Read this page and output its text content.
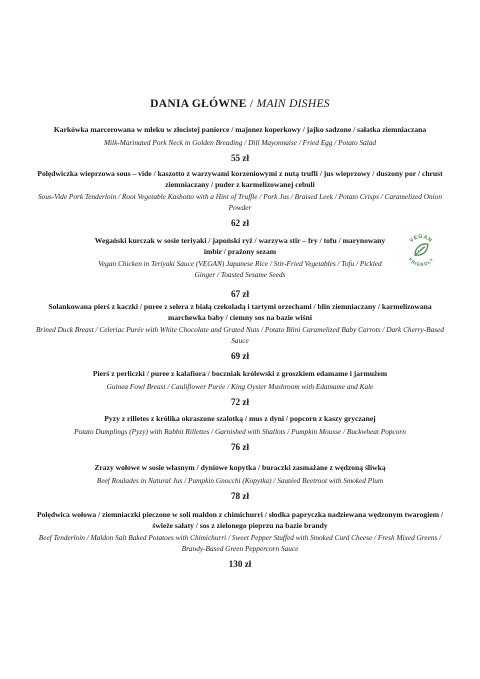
DANIA GŁÓWNE / MAIN DISHES
Karkówka marcerowana w mleku w złocistej panierce / majonez koperkowy / jajko sadzone / sałatka ziemniaczana
Milk-Marinated Pork Neck in Golden Breading / Dill Mayonnaise / Fried Egg / Potato Salad
55 zł
Polędwiczka wieprzowa sous – vide / kaszotto z warzywami korzeniowymi z nutą trufli / jus wieprzowy / duszony por / chrust ziemniaczany / puder z karmelizowanej cebuli
Sous-Vide Pork Tenderloin / Root Vegetable Kashotto with a Hint of Truffle / Pork Jus / Braised Leek / Potato Crisps / Caramelized Onion Powder
62 zł
Wegański kurczak w sosie teriyaki / japoński ryż / warzywa stir – fry / tofu / marynowany imbir / prażony sezam
Vegan Chicken in Teriyaki Sauce (VEGAN) Japanese Rice / Stir-Fried Vegetables / Tofu / Pickled Ginger / Toasted Sesame Seeds
67 zł
VEGAN
FRIENDLY
Solankowana pierś z kaczki / puree z selera z białą czekoladą i tartymi orzechami / blin ziemniaczany / karmelizowana marchewka baby / ciemny sos na bazie wiśni
Brined Duck Breast / Celeriac Purée with White Chocolate and Grated Nuts / Potato Blini Caramelized Baby Carrots / Dark Cherry-Based Sauce
69 zł
Pierś z perliczki / puree z kalafiora / boczniak królewski z groszkiem edamame i jarmużem
Guinea Fowl Breast / Cauliflower Purée / King Oyster Mushroom with Edamame and Kale
72 zł
Pyzy z rilletes z królika okraszone szalotką / mus z dyni / popcorn z kaszy gryczanej
Potato Dumplings (Pyzy) with Rabbit Rillettes / Garnished with Shallots / Pumpkin Mousse / Buckwheat Popcorn
76 zł
Zrazy wołowe w sosie własnym / dyniowe kopytka / buraczki zasmażane z wędzoną śliwką
Beef Roulades in Natural Jus / Pumpkin Gnocchi (Kopytka) / Sautéed Beetroot with Smoked Plum
78 zł
Polędwica wołowa / ziemniaczki pieczone w soli maldon z chimichurri / słodka papryczka nadziewana wędzonym twarogiem / świeże sałaty / sos z zielonego pieprzu na bazie brandy
Beef Tenderloin / Maldon Salt Baked Potatoes with Chimichurri / Sweet Pepper Stuffed with Smoked Curd Cheese / Fresh Mixed Greens / Brandy-Based Green Peppercorn Sauce
130 zł
